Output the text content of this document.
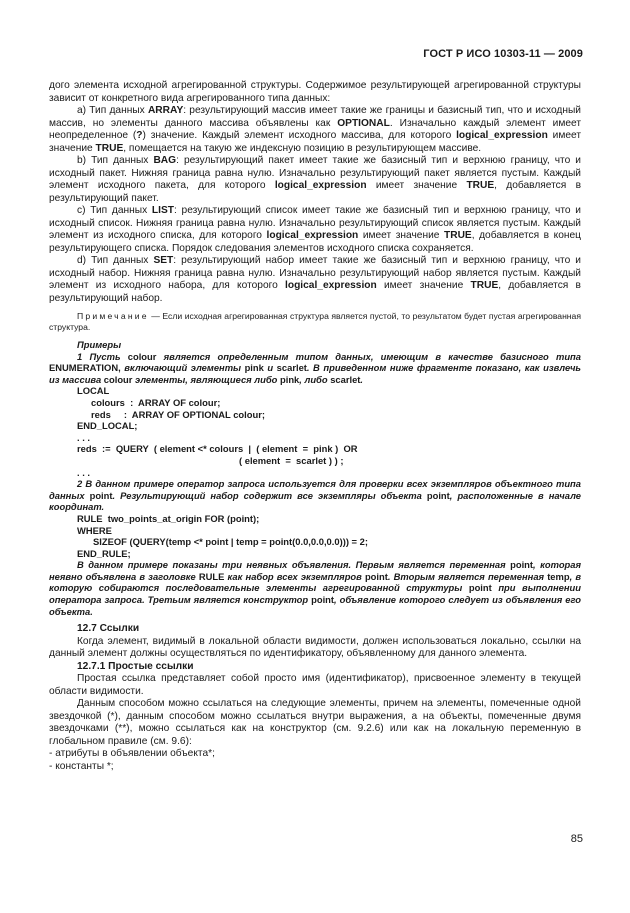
ГОСТ Р ИСО 10303-11 — 2009

дого элемента исходной агрегированной структуры. Содержимое результирующей агрегированной структуры зависит от конкретного вида агрегированного типа данных:

a) Тип данных ARRAY: результирующий массив имеет такие же границы и базисный тип, что и исходный массив, но элементы данного массива объявлены как OPTIONAL. Изначально каждый элемент имеет неопределенное (?) значение. Каждый элемент исходного массива, для которого logical_expression имеет значение TRUE, помещается на такую же индексную позицию в результирующем массиве.

b) Тип данных BAG: результирующий пакет имеет такие же базисный тип и верхнюю границу, что и исходный пакет. Нижняя граница равна нулю. Изначально результирующий пакет является пустым. Каждый элемент исходного пакета, для которого logical_expression имеет значение TRUE, добавляется в результирующий пакет.

c) Тип данных LIST: результирующий список имеет такие же базисный тип и верхнюю границу, что и исходный список. Нижняя граница равна нулю. Изначально результирующий список является пустым. Каждый элемент из исходного списка, для которого logical_expression имеет значение TRUE, добавляется в конец результирующего списка. Порядок следования элементов исходного списка сохраняется.

d) Тип данных SET: результирующий набор имеет такие же базисный тип и верхнюю границу, что и исходный набор. Нижняя граница равна нулю. Изначально результирующий набор является пустым. Каждый элемент из исходного набора, для которого logical_expression имеет значение TRUE, добавляется в результирующий набор.

Примечание — Если исходная агрегированная структура является пустой, то результатом будет пустая агрегированная структура.

Примеры

1 Пусть colour является определенным типом данных, имеющим в качестве базисного типа ENUMERATION, включающий элементы pink и scarlet. В приведенном ниже фрагменте показано, как извлечь из массива colour элементы, являющиеся либо pink, либо scarlet.

LOCAL

colours  :  ARRAY OF colour;

reds     :  ARRAY OF OPTIONAL colour;

END_LOCAL;

. . .

reds  :=  QUERY  ( element <* colours  |  ( element  =  pink )  OR

( element  =  scarlet ) ) ;

. . .

2 В данном примере оператор запроса используется для проверки всех экземпляров объектного типа данных point. Результирующий набор содержит все экземпляры объекта point, расположенные в начале координат.

RULE  two_points_at_origin FOR (point);

WHERE

SIZEOF (QUERY(temp <* point | temp = point(0.0,0.0,0.0))) = 2;

END_RULE;

В данном примере показаны три неявных объявления. Первым является переменная point, которая неявно объявлена в заголовке RULE как набор всех экземпляров point. Вторым является переменная temp, в которую собираются последовательные элементы агрегированной структуры point при выполнении оператора запроса. Третьим является конструктор point, объявление которого следует из объявления его объекта.

12.7 Ссылки

Когда элемент, видимый в локальной области видимости, должен использоваться локально, ссылки на данный элемент должны осуществляться по идентификатору, объявленному для данного элемента.

12.7.1 Простые ссылки

Простая ссылка представляет собой просто имя (идентификатор), присвоенное элементу в текущей области видимости.

Данным способом можно ссылаться на следующие элементы, причем на элементы, помеченные одной звездочкой (*), данным способом можно ссылаться внутри выражения, а на объекты, помеченные двумя звездочками (**), можно ссылаться как на конструктор (см. 9.2.6) или как на локальную переменную в глобальном правиле (см. 9.6):

- атрибуты в объявлении объекта*;

- константы *;

85
